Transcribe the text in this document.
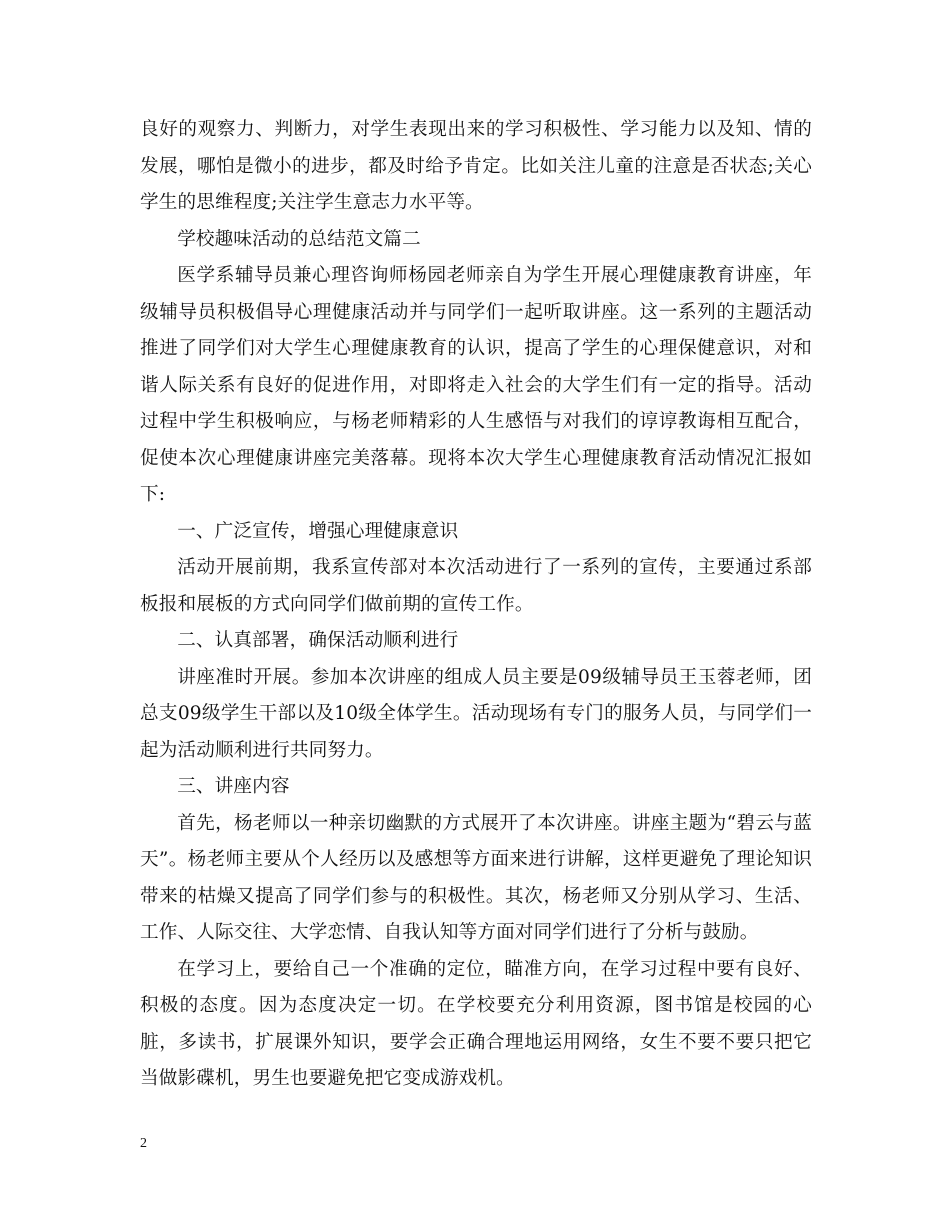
良好的观察力、判断力，对学生表现出来的学习积极性、学习能力以及知、情的发展，哪怕是微小的进步，都及时给予肯定。比如关注儿童的注意是否状态;关心学生的思维程度;关注学生意志力水平等。

学校趣味活动的总结范文篇二

医学系辅导员兼心理咨询师杨园老师亲自为学生开展心理健康教育讲座，年级辅导员积极倡导心理健康活动并与同学们一起听取讲座。这一系列的主题活动推进了同学们对大学生心理健康教育的认识，提高了学生的心理保健意识，对和谐人际关系有良好的促进作用，对即将走入社会的大学生们有一定的指导。活动过程中学生积极响应，与杨老师精彩的人生感悟与对我们的谆谆教诲相互配合，促使本次心理健康讲座完美落幕。现将本次大学生心理健康教育活动情况汇报如下:

一、广泛宣传，增强心理健康意识

活动开展前期，我系宣传部对本次活动进行了一系列的宣传，主要通过系部板报和展板的方式向同学们做前期的宣传工作。

二、认真部署，确保活动顺利进行

讲座准时开展。参加本次讲座的组成人员主要是09级辅导员王玉蓉老师，团总支09级学生干部以及10级全体学生。活动现场有专门的服务人员，与同学们一起为活动顺利进行共同努力。

三、讲座内容

首先，杨老师以一种亲切幽默的方式展开了本次讲座。讲座主题为“碧云与蓝天”。杨老师主要从个人经历以及感想等方面来进行讲解，这样更避免了理论知识带来的枯燥又提高了同学们参与的积极性。其次，杨老师又分别从学习、生活、工作、人际交往、大学恋情、自我认知等方面对同学们进行了分析与鼓励。

在学习上，要给自己一个准确的定位，瞄准方向，在学习过程中要有良好、积极的态度。因为态度决定一切。在学校要充分利用资源，图书馆是校园的心脏，多读书，扩展课外知识，要学会正确合理地运用网络，女生不要不要只把它当做影碟机，男生也要避免把它变成游戏机。

2
